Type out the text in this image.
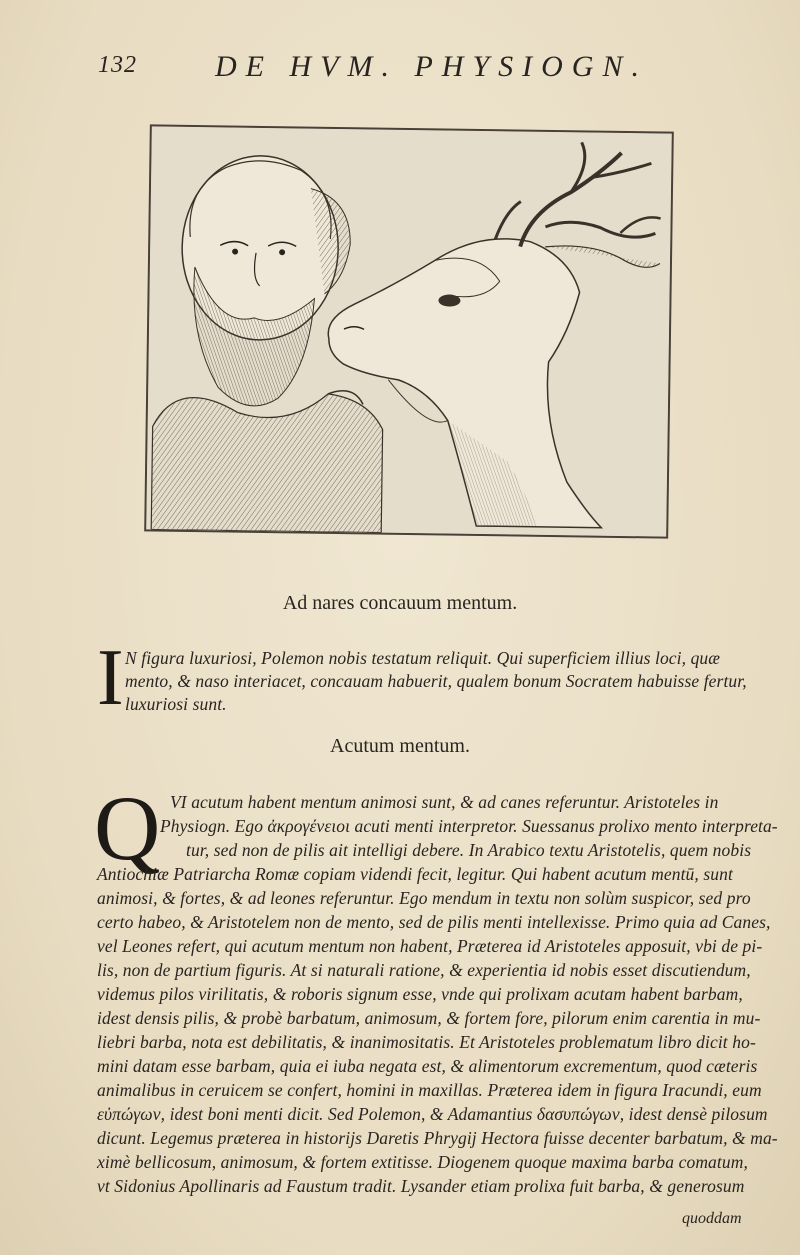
132	DE HVM. PHYSIOGN.
Ad nares concauum mentum.
I N figura luxuriosi, Polemon nobis testatum reliquit. Qui superficiem illius loci, quæ
mento, & naso interiacet, concauam habuerit, qualem bonum Socratem habuisse fertur,
luxuriosi sunt.
Acutum mentum.
Q VI acutum habent mentum animosi sunt, & ad canes referuntur. Aristoteles in
Physiogn. Ego ἀκρογένειοι acuti menti interpretor. Suessanus prolixo mento interpreta-
tur, sed non de pilis ait intelligi debere. In Arabico textu Aristotelis, quem nobis
Antiochiæ Patriarcha Romæ copiam videndi fecit, legitur. Qui habent acutum mentū, sunt
animosi, & fortes, & ad leones referuntur. Ego mendum in textu non solùm suspicor, sed pro
certo habeo, & Aristotelem non de mento, sed de pilis menti intellexisse. Primo quia ad Canes,
vel Leones refert, qui acutum mentum non habent, Præterea id Aristoteles apposuit, vbi de pi-
lis, non de partium figuris. At si naturali ratione, & experientia id nobis esset discutiendum,
videmus pilos virilitatis, & roboris signum esse, vnde qui prolixam acutam habent barbam,
idest densis pilis, & probè barbatum, animosum, & fortem fore, pilorum enim carentia in mu-
liebri barba, nota est debilitatis, & inanimositatis. Et Aristoteles problematum libro dicit ho-
mini datam esse barbam, quia ei iuba negata est, & alimentorum excrementum, quod cæteris
animalibus in ceruicem se confert, homini in maxillas. Præterea idem in figura Iracundi, eum
εὐπώγων, idest boni menti dicit. Sed Polemon, & Adamantius δασυπώγων, idest densè pilosum
dicunt. Legemus præterea in historijs Daretis Phrygij Hectora fuisse decenter barbatum, & ma-
ximè bellicosum, animosum, & fortem extitisse. Diogenem quoque maxima barba comatum,
vt Sidonius Apollinaris ad Faustum tradit. Lysander etiam prolixa fuit barba, & generosum
quoddam
